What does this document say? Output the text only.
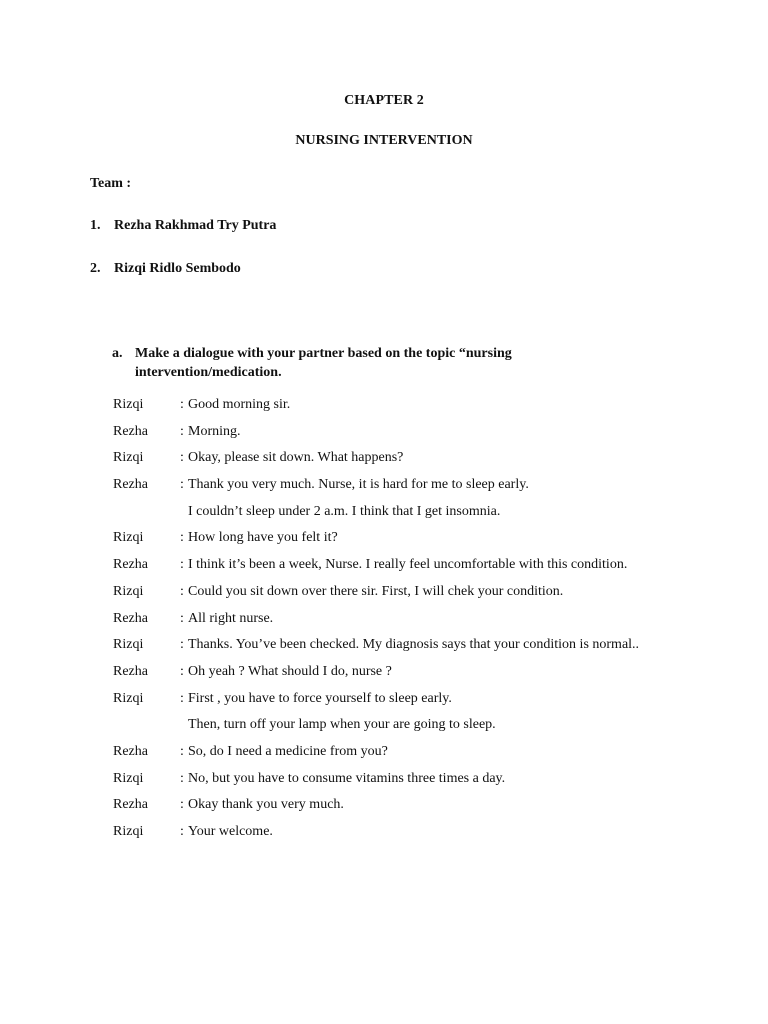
CHAPTER 2
NURSING INTERVENTION
Team :
1. Rezha Rakhmad Try Putra
2. Rizqi Ridlo Sembodo
a. Make a dialogue with your partner based on the topic “nursing intervention/medication.
Rizqi	: Good morning sir.
Rezha : Morning.
Rizqi	: Okay, please sit down. What happens?
Rezha : Thank you very much. Nurse, it is hard for me to sleep early.
I couldn’t sleep under 2 a.m. I think that I get insomnia.
Rizqi	: How long have you felt it?
Rezha : I think it’s been a week, Nurse. I really feel uncomfortable with this condition.
Rizqi	: Could you sit down over there sir. First, I will chek your condition.
Rezha : All right nurse.
Rizqi	: Thanks. You’ve been checked. My diagnosis says that your condition is normal..
Rezha : Oh yeah ? What should I do, nurse ?
Rizqi	: First , you have to force yourself to sleep early.
Then, turn off your lamp when your are going to sleep.
Rezha : So, do I need a medicine from you?
Rizqi	: No, but you have to consume vitamins three times a day.
Rezha : Okay thank you very much.
Rizqi	: Your welcome.
